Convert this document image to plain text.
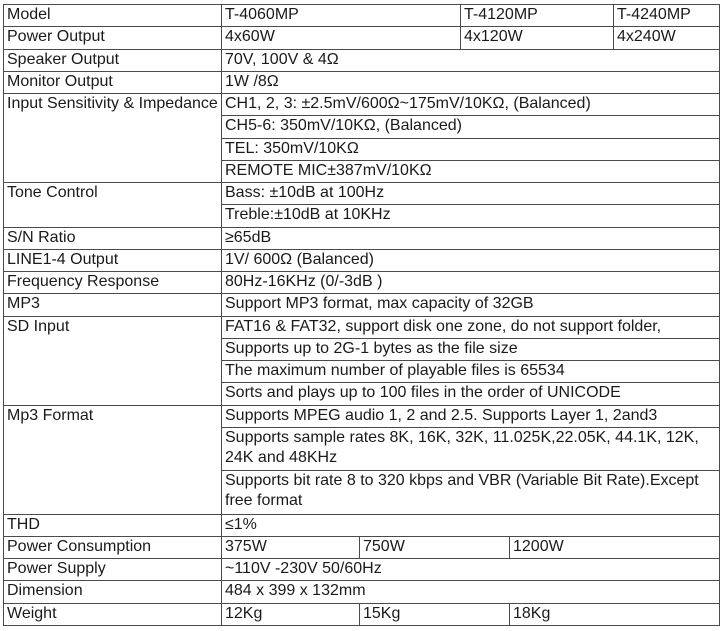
Model	T-4060MP		T-4120MP		T-4240MP
Power Output	4x60W		4x120W		4x240W
Speaker Output	70V, 100V & 4Ω				
Monitor Output	1W /8Ω				
Input Sensitivity & Impedance	CH1, 2, 3: ±2.5mV/600Ω~175mV/10KΩ, (Balanced)				
	CH5-6: 350mV/10KΩ, (Balanced)				
	TEL: 350mV/10KΩ				
	REMOTE MIC±387mV/10KΩ				
Tone Control	Bass: ±10dB at 100Hz				
	Treble:±10dB at 10KHz				
S/N Ratio	≥65dB				
LINE1-4 Output	1V/ 600Ω (Balanced)				
Frequency Response	80Hz-16KHz (0/-3dB )				
MP3	Support MP3 format, max capacity of 32GB				
SD Input	FAT16 & FAT32, support disk one zone, do not support folder,				
	Supports up to 2G-1 bytes as the file size				
	The maximum number of playable files is 65534				
	Sorts and plays up to 100 files in the order of UNICODE				
Mp3 Format	Supports MPEG audio 1, 2 and 2.5. Supports Layer 1, 2and3				
	Supports sample rates 8K, 16K, 32K, 11.025K,22.05K, 44.1K, 12K, 24K and 48KHz				
	Supports bit rate 8 to 320 kbps and VBR (Variable Bit Rate).Except free format				
THD	≤1%				
Power Consumption	375W	750W		1200W	
Power Supply	~110V -230V 50/60Hz				
Dimension	484 x 399 x 132mm				
Weight	12Kg	15Kg		18Kg	
